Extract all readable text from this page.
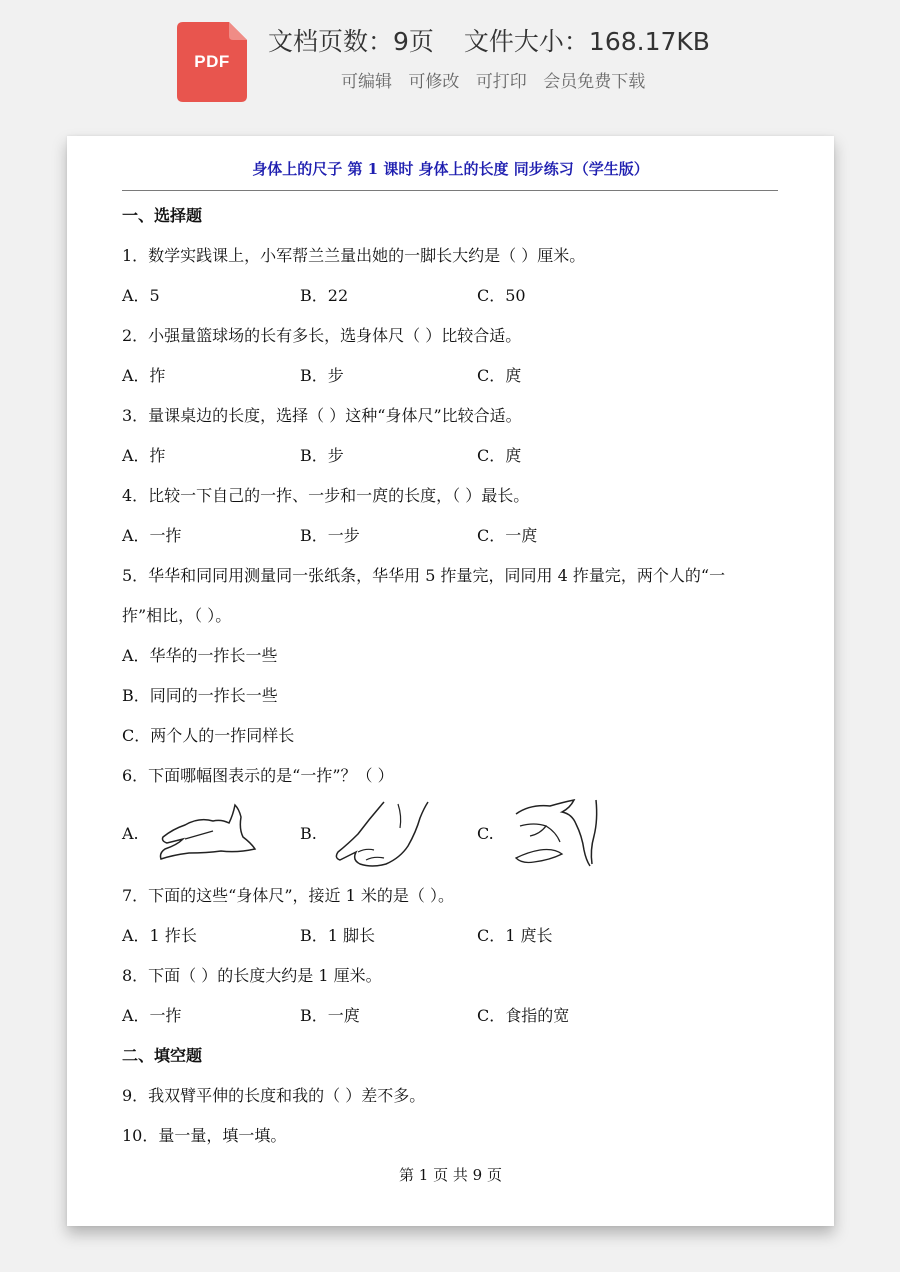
PDF
文档页数：9页 文件大小：168.17KB
可编辑 可修改 可打印 会员免费下载
身体上的尺子 第 1 课时 身体上的长度 同步练习（学生版）
一、选择题
1．数学实践课上，小军帮兰兰量出她的一脚长大约是（ ）厘米。
A．5	B．22	C．50
2．小强量篮球场的长有多长，选身体尺（ ）比较合适。
A．拃	B．步	C．庹
3．量课桌边的长度，选择（ ）这种“身体尺”比较合适。
A．拃	B．步	C．庹
4．比较一下自己的一拃、一步和一庹的长度，（ ）最长。
A．一拃	B．一步	C．一庹
5．华华和同同用测量同一张纸条，华华用 5 拃量完，同同用 4 拃量完，两个人的“一
拃”相比，（ ）。
A．华华的一拃长一些
B．同同的一拃长一些
C．两个人的一拃同样长
6．下面哪幅图表示的是“一拃”？（ ）
A.	B.	C.
7．下面的这些“身体尺”，接近 1 米的是（ ）。
A．1 拃长	B．1 脚长	C．1 庹长
8．下面（ ）的长度大约是 1 厘米。
A．一拃	B．一庹	C．食指的宽
二、填空题
9．我双臂平伸的长度和我的（ ）差不多。
10．量一量，填一填。
第 1 页 共 9 页
